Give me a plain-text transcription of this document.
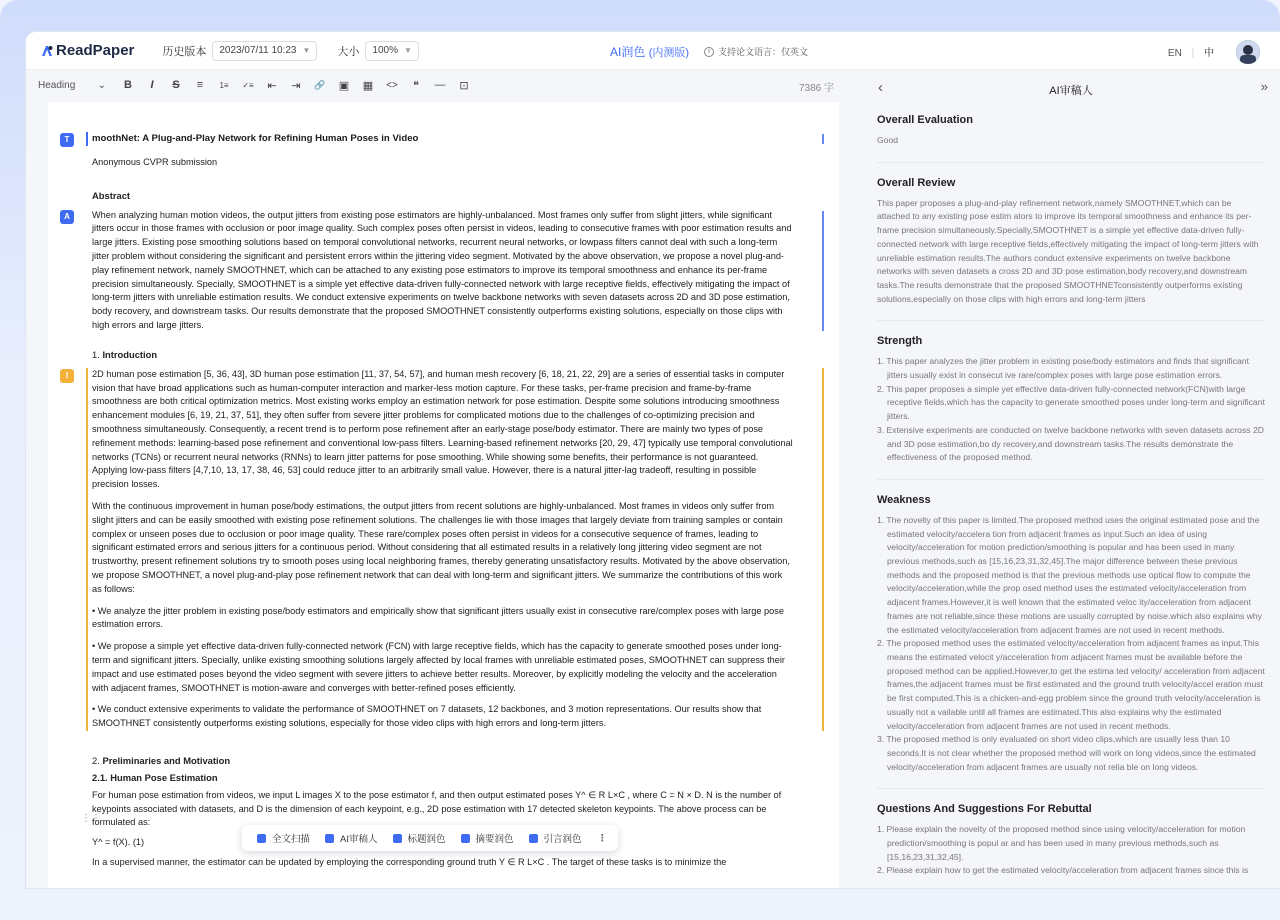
ReadPaper	历史版本 2023/07/11 10:23 ▼ 大小 100% ▼	AI润色 (内测版)	i 支持论文语言：仅英文	EN | 中
Heading ⌄	B	I	S	≡	1≡	✓≡	⇤	⇥	🔗	▣	▦	<>	❝	—	⊡	7386 字
T	moothNet: A Plug-and-Play Network for Refining Human Poses in Video
Anonymous CVPR submission
Abstract
A	When analyzing human motion videos, the output jitters from existing pose estimators are highly-unbalanced. Most frames only suffer from slight jitters, while significant jitters occur in those frames with occlusion or poor image quality. Such complex poses often persist in videos, leading to consecutive frames with poor estimation results and large jitters. Existing pose smoothing solutions based on temporal convolutional networks, recurrent neural networks, or lowpass filters cannot deal with such a long-term jitter problem without considering the significant and persistent errors within the jittering video segment. Motivated by the above observation, we propose a novel plug-and-play refinement network, namely SMOOTHNET, which can be attached to any existing pose estimators to improve its temporal smoothness and enhance its per-frame precision simultaneously. Specially, SMOOTHNET is a simple yet effective data-driven fully-connected network with large receptive fields, effectively mitigating the impact of long-term jitters with unreliable estimation results. We conduct extensive experiments on twelve backbone networks with seven datasets across 2D and 3D pose estimation, body recovery, and downstream tasks. Our results demonstrate that the proposed SMOOTHNET consistently outperforms existing solutions, especially on those clips with high errors and large jitters.
1. Introduction
I	2D human pose estimation [5, 36, 43], 3D human pose estimation [11, 37, 54, 57], and human mesh recovery [6, 18, 21, 22, 29] are a series of essential tasks in computer vision that have broad applications such as human-computer interaction and marker-less motion capture. For these tasks, per-frame precision and frame-by-frame smoothness are both critical optimization metrics. Most existing works employ an estimation network for pose estimation. Despite some solutions introducing smoothness enhancement modules [6, 19, 21, 37, 51], they often suffer from severe jitter problems for complicated motions due to the challenges of co-optimizing precision and smoothness simultaneously. Consequently, a recent trend is to perform pose refinement after an early-stage pose/body estimator. There are mainly two types of pose refinement methods: learning-based pose refinement and conventional low-pass filters. Learning-based refinement networks [20, 29, 47] typically use temporal convolutional networks (TCNs) or recurrent neural networks (RNNs) to learn jitter patterns for pose smoothing. While showing some benefits, their performance is not guaranteed. Applying low-pass filters [4,7,10, 13, 17, 38, 46, 53] could reduce jitter to an arbitrarily small value. However, there is a natural jitter-lag tradeoff, resulting in possible precision losses.
With the continuous improvement in human pose/body estimations, the output jitters from recent solutions are highly-unbalanced. Most frames in videos only suffer from slight jitters and can be easily smoothed with existing pose refinement solutions. The challenges lie with those images that largely deviate from training samples or contain complex or unseen poses due to occlusion or poor image quality. These rare/complex poses often persist in videos for a consecutive sequence of frames, leading to significant estimated errors and serious jitters for a continuous period. Without considering that all estimated results in a relatively long jittering video segment are not trustworthy, present refinement solutions try to smooth poses using local neighboring frames, thereby generating unsatisfactory results. Motivated by the above observation, we propose SMOOTHNET, a novel plug-and-play pose refinement network that can deal with long-term and significant jitters. We summarize the contributions of this work as follows:
• We analyze the jitter problem in existing pose/body estimators and empirically show that significant jitters usually exist in consecutive rare/complex poses with large pose estimation errors.
• We propose a simple yet effective data-driven fully-connected network (FCN) with large receptive fields, which has the capacity to generate smoothed poses under long-term and significant jitters. Specially, unlike existing smoothing solutions largely affected by local frames with unreliable estimated poses, SMOOTHNET can suppress their impact and use estimated poses beyond the video segment with severe jitters to achieve better results. Moreover, by explicitly modeling the velocity and the acceleration with adjacent frames, SMOOTHNET is motion-aware and converges with better-refined poses efficiently.
• We conduct extensive experiments to validate the performance of SMOOTHNET on 7 datasets, 12 backbones, and 3 motion representations. Our results show that SMOOTHNET consistently outperforms existing solutions, especially for those video clips with high errors and long-term jitters.
2. Preliminaries and Motivation
2.1. Human Pose Estimation
For human pose estimation from videos, we input L images X to the pose estimator f, and then output estimated poses Y^ ∈ R L×C , where C = N × D. N is the number of keypoints associated with datasets, and D is the dimension of each keypoint, e.g., 2D pose estimation with 17 detected skeleton keypoints. The above process can be formulated as:
Y^ = f(X). (1)
In a supervised manner, the estimator can be updated by employing the corresponding ground truth Y ∈ R L×C . The target of these tasks is to minimize the
⋮⋮
全文扫描	AI审稿人	标题润色	摘要润色	引言润色 ⋮
‹	AI审稿人	»
Overall Evaluation
Good
Overall Review
This paper proposes a plug-and-play refinement network,namely SMOOTHNET,which can be attached to any existing pose estim ators to improve its temporal smoothness and enhance its per-frame precision simultaneously.Specially,SMOOTHNET is a simple yet effective data-driven fully-connected network with large receptive fields,effectively mitigating the impact of long-term jitters with unreliable estimation results.The authors conduct extensive experiments on twelve backbone networks with seven datasets a cross 2D and 3D pose estimation,body recovery,and downstream tasks.The results demonstrate that the proposed SMOOTHNETconsistently outperforms existing solutions,especially on those clips with high errors and long-term jitters
Strength
1. This paper analyzes the jitter problem in existing pose/body estimators and finds that significant jitters usually exist in consecut ive rare/complex poses with large pose estimation errors.
2. This paper proposes a simple yet effective data-driven fully-connected network(FCN)with large receptive fields,which has the capacity to generate smoothed poses under long-term and significant jitters.
3. Extensive experiments are conducted on twelve backbone networks with seven datasets across 2D and 3D pose estimation,bo dy recovery,and downstream tasks.The results demonstrate the effectiveness of the proposed method.
Weakness
1. The novelty of this paper is limited.The proposed method uses the original estimated pose and the estimated velocity/accelera tion from adjacent frames as input.Such an idea of using velocity/acceleration for motion prediction/smoothing is popular and has been used in many previous methods,such as [15,16,23,31,32,45].The major difference between these previous methods and the proposed method is that the previous methods use optical flow to compute the velocity/acceleration,while the prop osed method uses the estimated velocity/acceleration from adjacent frames.However,it is well known that the estimated veloc ity/acceleration from adjacent frames are not reliable,since these motions are usually corrupted by noise.which also explains why the estimated velocity/acceleration from adjacent frames are not used in recent methods.
2. The proposed method uses the estimated velocity/acceleration from adjacent frames as input.This means the estimated velocit y/acceleration from adjacent frames must be available before the proposed method can be applied.However,to get the estima ted velocity/ acceleration from adjacent frames,the adjacent frames must be first estimated and the ground truth velocity/accel eration must be first computed.This is a chicken-and-egg problem since the ground truth velocity/acceleration is usually not a vailable until all frames are estimated.This also explains why the estimated velocity/acceleration from adjacent frames are not used in recent methods.
3. The proposed method is only evaluated on short video clips,which are usually less than 10 seconds.It is not clear whether the proposed method will work on long videos,since the estimated velocity/acceleration from adjacent frames are usually not relia ble on long videos.
Questions And Suggestions For Rebuttal
1. Please explain the novelty of the proposed method since using velocity/acceleration for motion prediction/smoothing is popul ar and has been used in many previous methods,such as [15,16,23,31,32,45].
2. Please explain how to get the estimated velocity/acceleration from adjacent frames since this is
